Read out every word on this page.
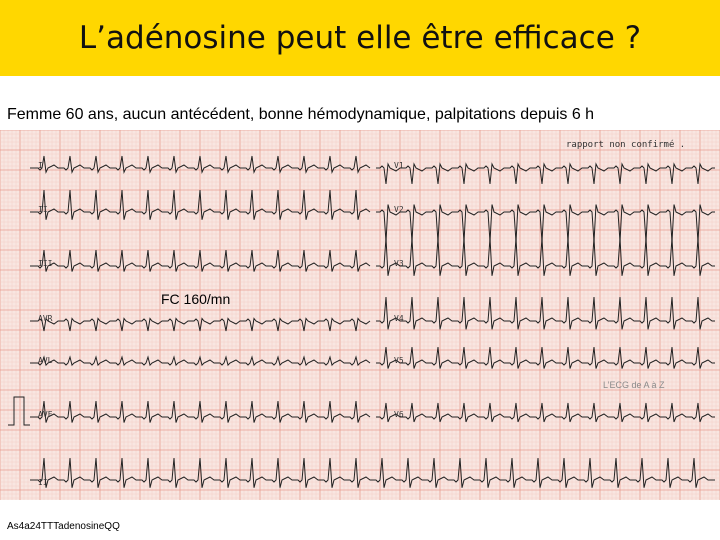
L’adénosine peut elle être efficace ?
Femme 60 ans, aucun antécédent, bonne hémodynamique, palpitations depuis 6 h
rapport non confirmé .
I
II
III
AVR
AVL
AVF
II
V1
V2
V3
V4
V5
V6
FC 160/mn
L’ECG de A à Z
As4a24TTTadenosineQQ
